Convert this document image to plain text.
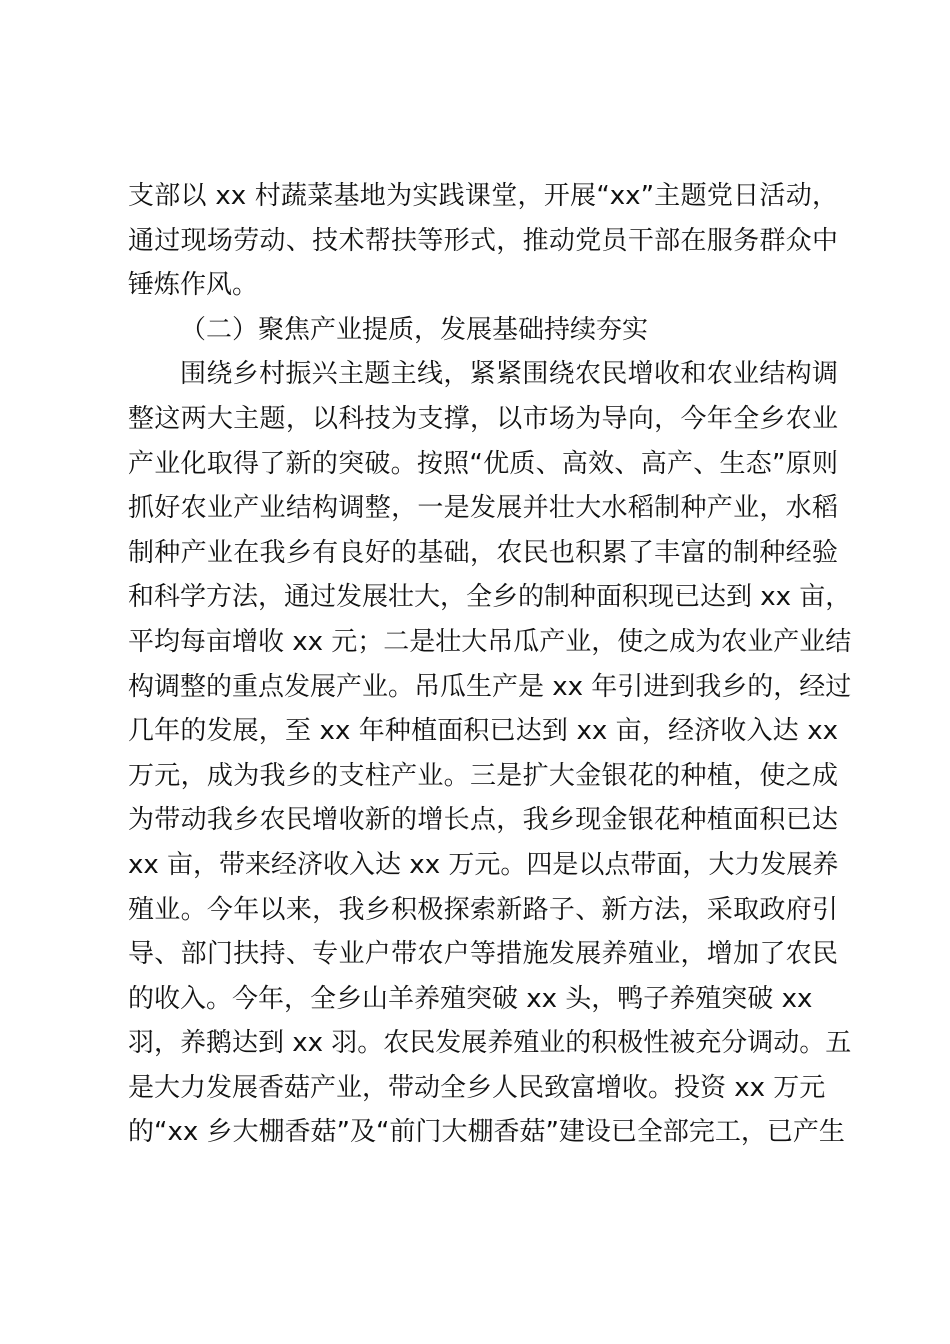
支部以 xx 村蔬菜基地为实践课堂，开展“xx”主题党日活动，
通过现场劳动、技术帮扶等形式，推动党员干部在服务群众中
锤炼作风。
（二）聚焦产业提质，发展基础持续夯实
围绕乡村振兴主题主线，紧紧围绕农民增收和农业结构调
整这两大主题，以科技为支撑，以市场为导向，今年全乡农业
产业化取得了新的突破。按照“优质、高效、高产、生态”原则
抓好农业产业结构调整，一是发展并壮大水稻制种产业，水稻
制种产业在我乡有良好的基础，农民也积累了丰富的制种经验
和科学方法，通过发展壮大，全乡的制种面积现已达到 xx 亩，
平均每亩增收 xx 元；二是壮大吊瓜产业，使之成为农业产业结
构调整的重点发展产业。吊瓜生产是 xx 年引进到我乡的，经过
几年的发展，至 xx 年种植面积已达到 xx 亩，经济收入达 xx
万元，成为我乡的支柱产业。三是扩大金银花的种植，使之成
为带动我乡农民增收新的增长点，我乡现金银花种植面积已达
xx 亩，带来经济收入达 xx 万元。四是以点带面，大力发展养
殖业。今年以来，我乡积极探索新路子、新方法，采取政府引
导、部门扶持、专业户带农户等措施发展养殖业，增加了农民
的收入。今年，全乡山羊养殖突破 xx 头，鸭子养殖突破 xx
羽，养鹅达到 xx 羽。农民发展养殖业的积极性被充分调动。五
是大力发展香菇产业，带动全乡人民致富增收。投资 xx 万元
的“xx 乡大棚香菇”及“前门大棚香菇”建设已全部完工，已产生
